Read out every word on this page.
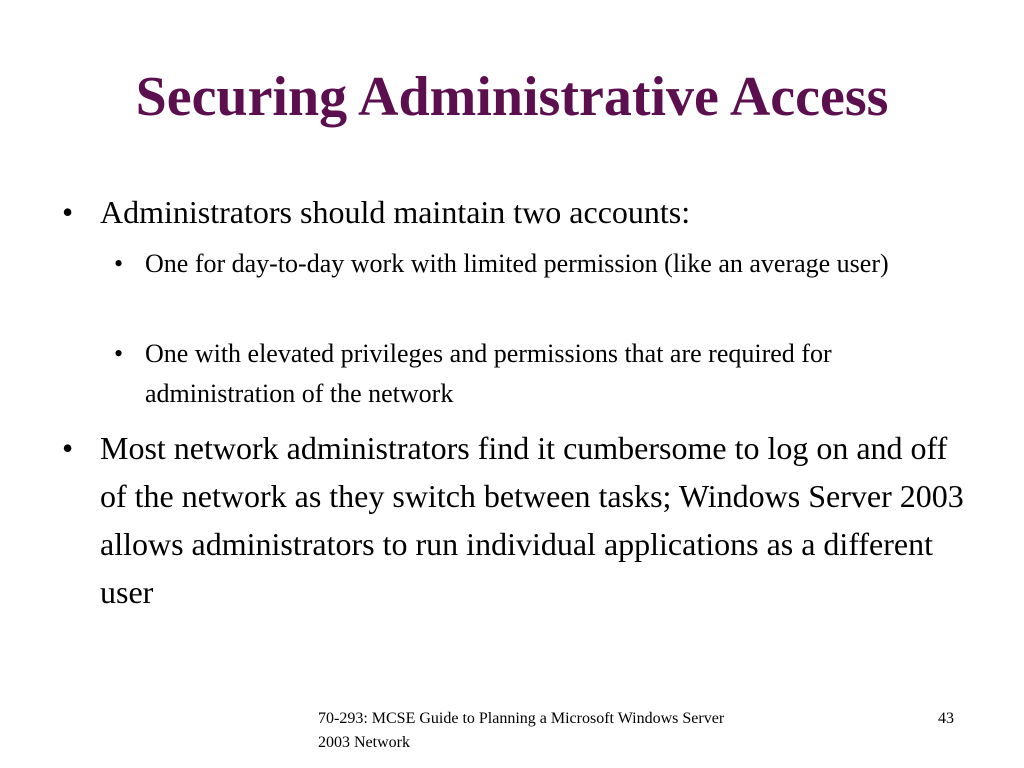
Securing Administrative Access
• Administrators should maintain two accounts:
• One for day-to-day work with limited permission (like an average user)
• One with elevated privileges and permissions that are required for administration of the network
• Most network administrators find it cumbersome to log on and off of the network as they switch between tasks; Windows Server 2003 allows administrators to run individual applications as a different user
70-293: MCSE Guide to Planning a Microsoft Windows Server 2003 Network
43
